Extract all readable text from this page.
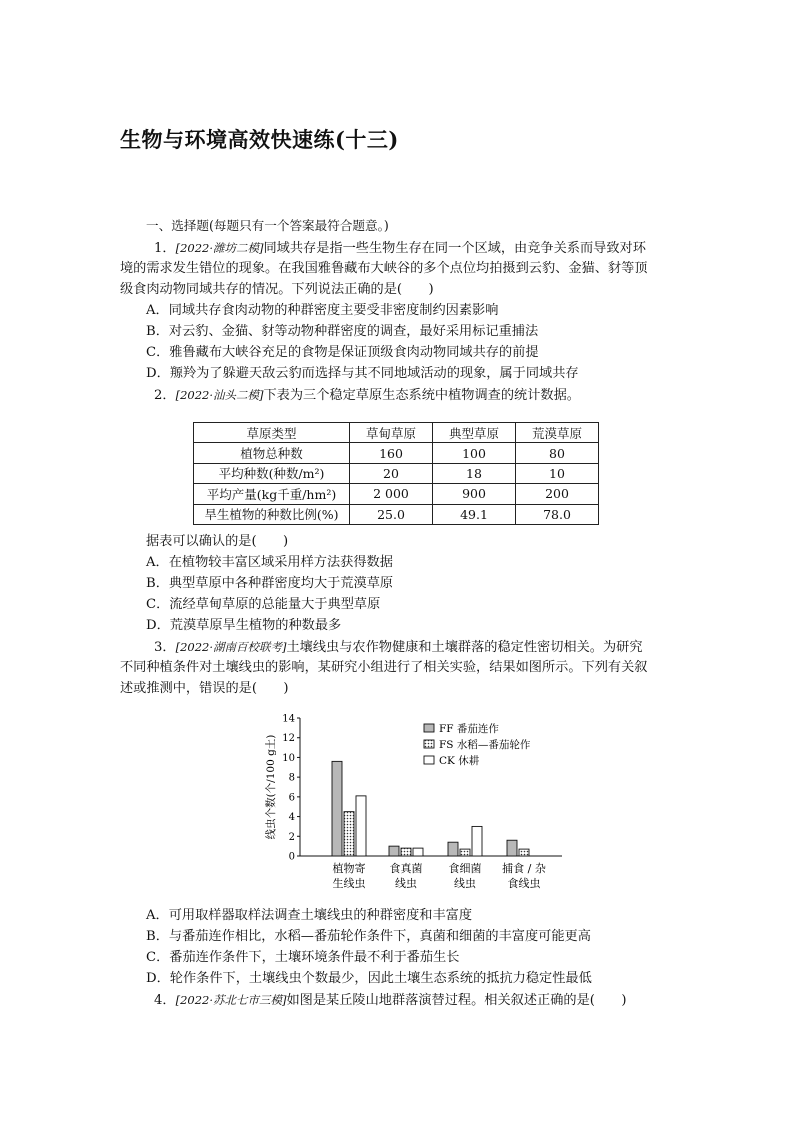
生物与环境高效快速练(十三)
一、选择题(每题只有一个答案最符合题意。)
1．[2022·潍坊二模]同域共存是指一些生物生存在同一个区域，由竞争关系而导致对环
境的需求发生错位的现象。在我国雅鲁藏布大峡谷的多个点位均拍摄到云豹、金猫、豺等顶
级食肉动物同域共存的情况。下列说法正确的是(　　)
A．同域共存食肉动物的种群密度主要受非密度制约因素影响
B．对云豹、金猫、豺等动物种群密度的调查，最好采用标记重捕法
C．雅鲁藏布大峡谷充足的食物是保证顶级食肉动物同域共存的前提
D．羱羚为了躲避天敌云豹而选择与其不同地域活动的现象，属于同域共存
2．[2022·汕头二模]下表为三个稳定草原生态系统中植物调查的统计数据。
草原类型	草甸草原	典型草原	荒漠草原
植物总种数	160	100	80
平均种数(种数/m²)	20	18	10
平均产量(kg千重/hm²)	2 000	900	200
旱生植物的种数比例(%)	25.0	49.1	78.0
据表可以确认的是(　　)
A．在植物较丰富区域采用样方法获得数据
B．典型草原中各种群密度均大于荒漠草原
C．流经草甸草原的总能量大于典型草原
D．荒漠草原旱生植物的种数最多
3．[2022·湖南百校联考]土壤线虫与农作物健康和土壤群落的稳定性密切相关。为研究
不同种植条件对土壤线虫的影响，某研究小组进行了相关实验，结果如图所示。下列有关叙
述或推测中，错误的是(　　)
0
2
4
6
8
10
12
14
线虫个数(个/100 g土)
植物寄
生线虫
食真菌
线虫
食细菌
线虫
捕食 / 杂
食线虫
FF 番茄连作
FS 水稻—番茄轮作
CK 休耕
A．可用取样器取样法调查土壤线虫的种群密度和丰富度
B．与番茄连作相比，水稻—番茄轮作条件下，真菌和细菌的丰富度可能更高
C．番茄连作条件下，土壤环境条件最不利于番茄生长
D．轮作条件下，土壤线虫个数最少，因此土壤生态系统的抵抗力稳定性最低
4．[2022·苏北七市三模]如图是某丘陵山地群落演替过程。相关叙述正确的是(　　)
